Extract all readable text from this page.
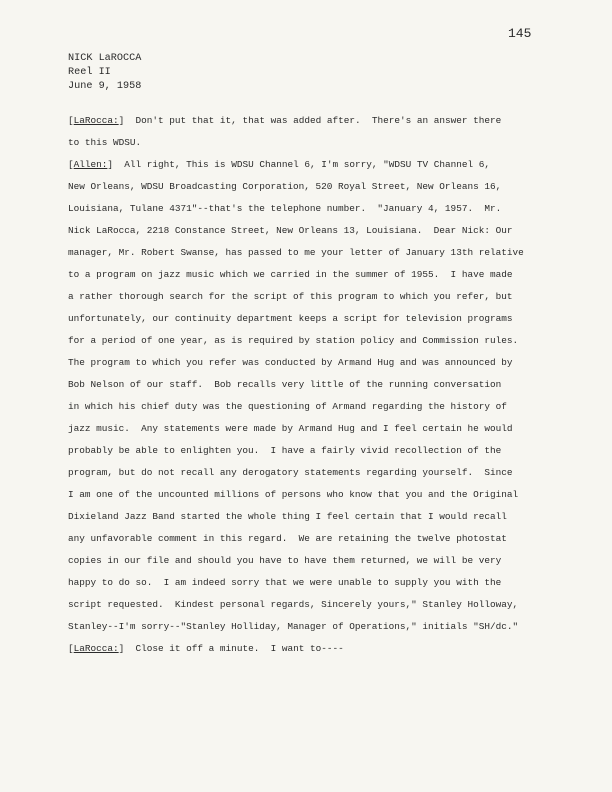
145
NICK LaROCCA
Reel II
June 9, 1958
[LaRocca:]  Don't put that it, that was added after.  There's an answer there
to this WDSU.
[Allen:]  All right, This is WDSU Channel 6, I'm sorry, "WDSU TV Channel 6,
New Orleans, WDSU Broadcasting Corporation, 520 Royal Street, New Orleans 16,
Louisiana, Tulane 4371"--that's the telephone number.  "January 4, 1957.  Mr.
Nick LaRocca, 2218 Constance Street, New Orleans 13, Louisiana.  Dear Nick: Our
manager, Mr. Robert Swanse, has passed to me your letter of January 13th relative
to a program on jazz music which we carried in the summer of 1955.  I have made
a rather thorough search for the script of this program to which you refer, but
unfortunately, our continuity department keeps a script for television programs
for a period of one year, as is required by station policy and Commission rules.
The program to which you refer was conducted by Armand Hug and was announced by
Bob Nelson of our staff.  Bob recalls very little of the running conversation
in which his chief duty was the questioning of Armand regarding the history of
jazz music.  Any statements were made by Armand Hug and I feel certain he would
probably be able to enlighten you.  I have a fairly vivid recollection of the
program, but do not recall any derogatory statements regarding yourself.  Since
I am one of the uncounted millions of persons who know that you and the Original
Dixieland Jazz Band started the whole thing I feel certain that I would recall
any unfavorable comment in this regard.  We are retaining the twelve photostat
copies in our file and should you have to have them returned, we will be very
happy to do so.  I am indeed sorry that we were unable to supply you with the
script requested.  Kindest personal regards, Sincerely yours," Stanley Holloway,
Stanley--I'm sorry--"Stanley Holliday, Manager of Operations," initials "SH/dc."
[LaRocca:]  Close it off a minute.  I want to----
